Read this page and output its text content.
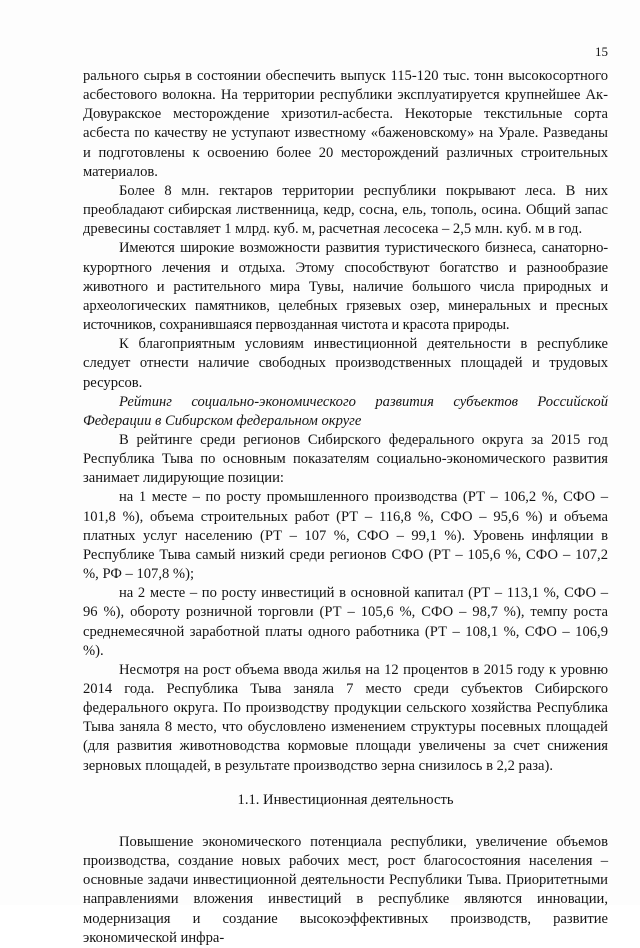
15

рального сырья в состоянии обеспечить выпуск 115-120 тыс. тонн высокосортного асбестового волокна. На территории республики эксплуатируется крупнейшее Ак-Довуракское месторождение хризотил-асбеста. Некоторые текстильные сорта асбеста по качеству не уступают известному «баженовскому» на Урале. Разведаны и подготовлены к освоению более 20 месторождений различных строительных материалов.

Более 8 млн. гектаров территории республики покрывают леса. В них преобладают сибирская лиственница, кедр, сосна, ель, тополь, осина. Общий запас древесины составляет 1 млрд. куб. м, расчетная лесосека – 2,5 млн. куб. м в год.

Имеются широкие возможности развития туристического бизнеса, санаторно-курортного лечения и отдыха. Этому способствуют богатство и разнообразие животного и растительного мира Тувы, наличие большого числа природных и археологических памятников, целебных грязевых озер, минеральных и пресных источников, сохранившаяся первозданная чистота и красота природы.

К благоприятным условиям инвестиционной деятельности в республике следует отнести наличие свободных производственных площадей и трудовых ресурсов.

Рейтинг социально-экономического развития субъектов Российской Федерации в Сибирском федеральном округе

В рейтинге среди регионов Сибирского федерального округа за 2015 год Республика Тыва по основным показателям социально-экономического развития занимает лидирующие позиции:

на 1 месте – по росту промышленного производства (РТ – 106,2 %, СФО – 101,8 %), объема строительных работ (РТ – 116,8 %, СФО – 95,6 %) и объема платных услуг населению (РТ – 107 %, СФО – 99,1 %). Уровень инфляции в Республике Тыва самый низкий среди регионов СФО (РТ – 105,6 %, СФО – 107,2 %, РФ – 107,8 %);

на 2 месте – по росту инвестиций в основной капитал (РТ – 113,1 %, СФО – 96 %), обороту розничной торговли (РТ – 105,6 %, СФО – 98,7 %), темпу роста среднемесячной заработной платы одного работника (РТ – 108,1 %, СФО – 106,9 %).

Несмотря на рост объема ввода жилья на 12 процентов в 2015 году к уровню 2014 года. Республика Тыва заняла 7 место среди субъектов Сибирского федерального округа. По производству продукции сельского хозяйства Республика Тыва заняла 8 место, что обусловлено изменением структуры посевных площадей (для развития животноводства кормовые площади увеличены за счет снижения зерновых площадей, в результате производство зерна снизилось в 2,2 раза).

1.1. Инвестиционная деятельность

Повышение экономического потенциала республики, увеличение объемов производства, создание новых рабочих мест, рост благосостояния населения – основные задачи инвестиционной деятельности Республики Тыва. Приоритетными направлениями вложения инвестиций в республике являются инновации, модернизация и создание высокоэффективных производств, развитие экономической инфра-
